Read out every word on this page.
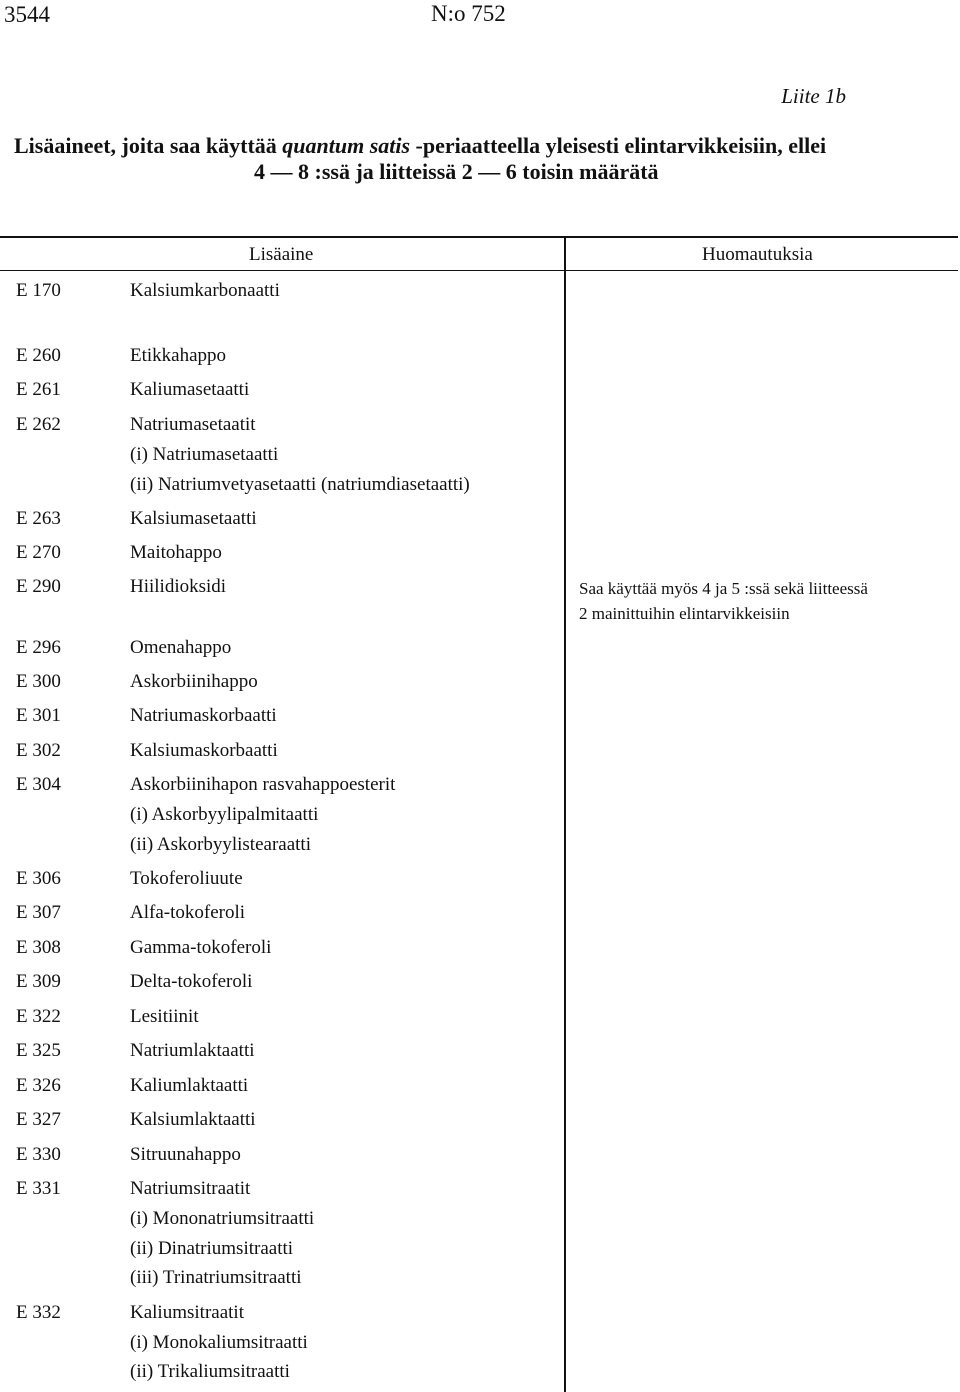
3544	N:o 752
Liite 1b
Lisäaineet, joita saa käyttää quantum satis -periaatteella yleisesti elintarvikkeisiin, ellei
4 — 8 :ssä ja liitteissä 2 — 6 toisin määrätä
Lisäaine	Huomautuksia
E 170	Kalsiumkarbonaatti
E 260	Etikkahappo
E 261	Kaliumasetaatti
E 262	Natriumasetaatit
(i) Natriumasetaatti
(ii) Natriumvetyasetaatti (natriumdiasetaatti)
E 263	Kalsiumasetaatti
E 270	Maitohappo
E 290	Hiilidioksidi	Saa käyttää myös 4 ja 5 :ssä sekä liitteessä
2 mainittuihin elintarvikkeisiin
E 296	Omenahappo
E 300	Askorbiinihappo
E 301	Natriumaskorbaatti
E 302	Kalsiumaskorbaatti
E 304	Askorbiinihapon rasvahappoesterit
(i) Askorbyylipalmitaatti
(ii) Askorbyylistearaatti
E 306	Tokoferoliuute
E 307	Alfa-tokoferoli
E 308	Gamma-tokoferoli
E 309	Delta-tokoferoli
E 322	Lesitiinit
E 325	Natriumlaktaatti
E 326	Kaliumlaktaatti
E 327	Kalsiumlaktaatti
E 330	Sitruunahappo
E 331	Natriumsitraatit
(i) Mononatriumsitraatti
(ii) Dinatriumsitraatti
(iii) Trinatriumsitraatti
E 332	Kaliumsitraatit
(i) Monokaliumsitraatti
(ii) Trikaliumsitraatti
